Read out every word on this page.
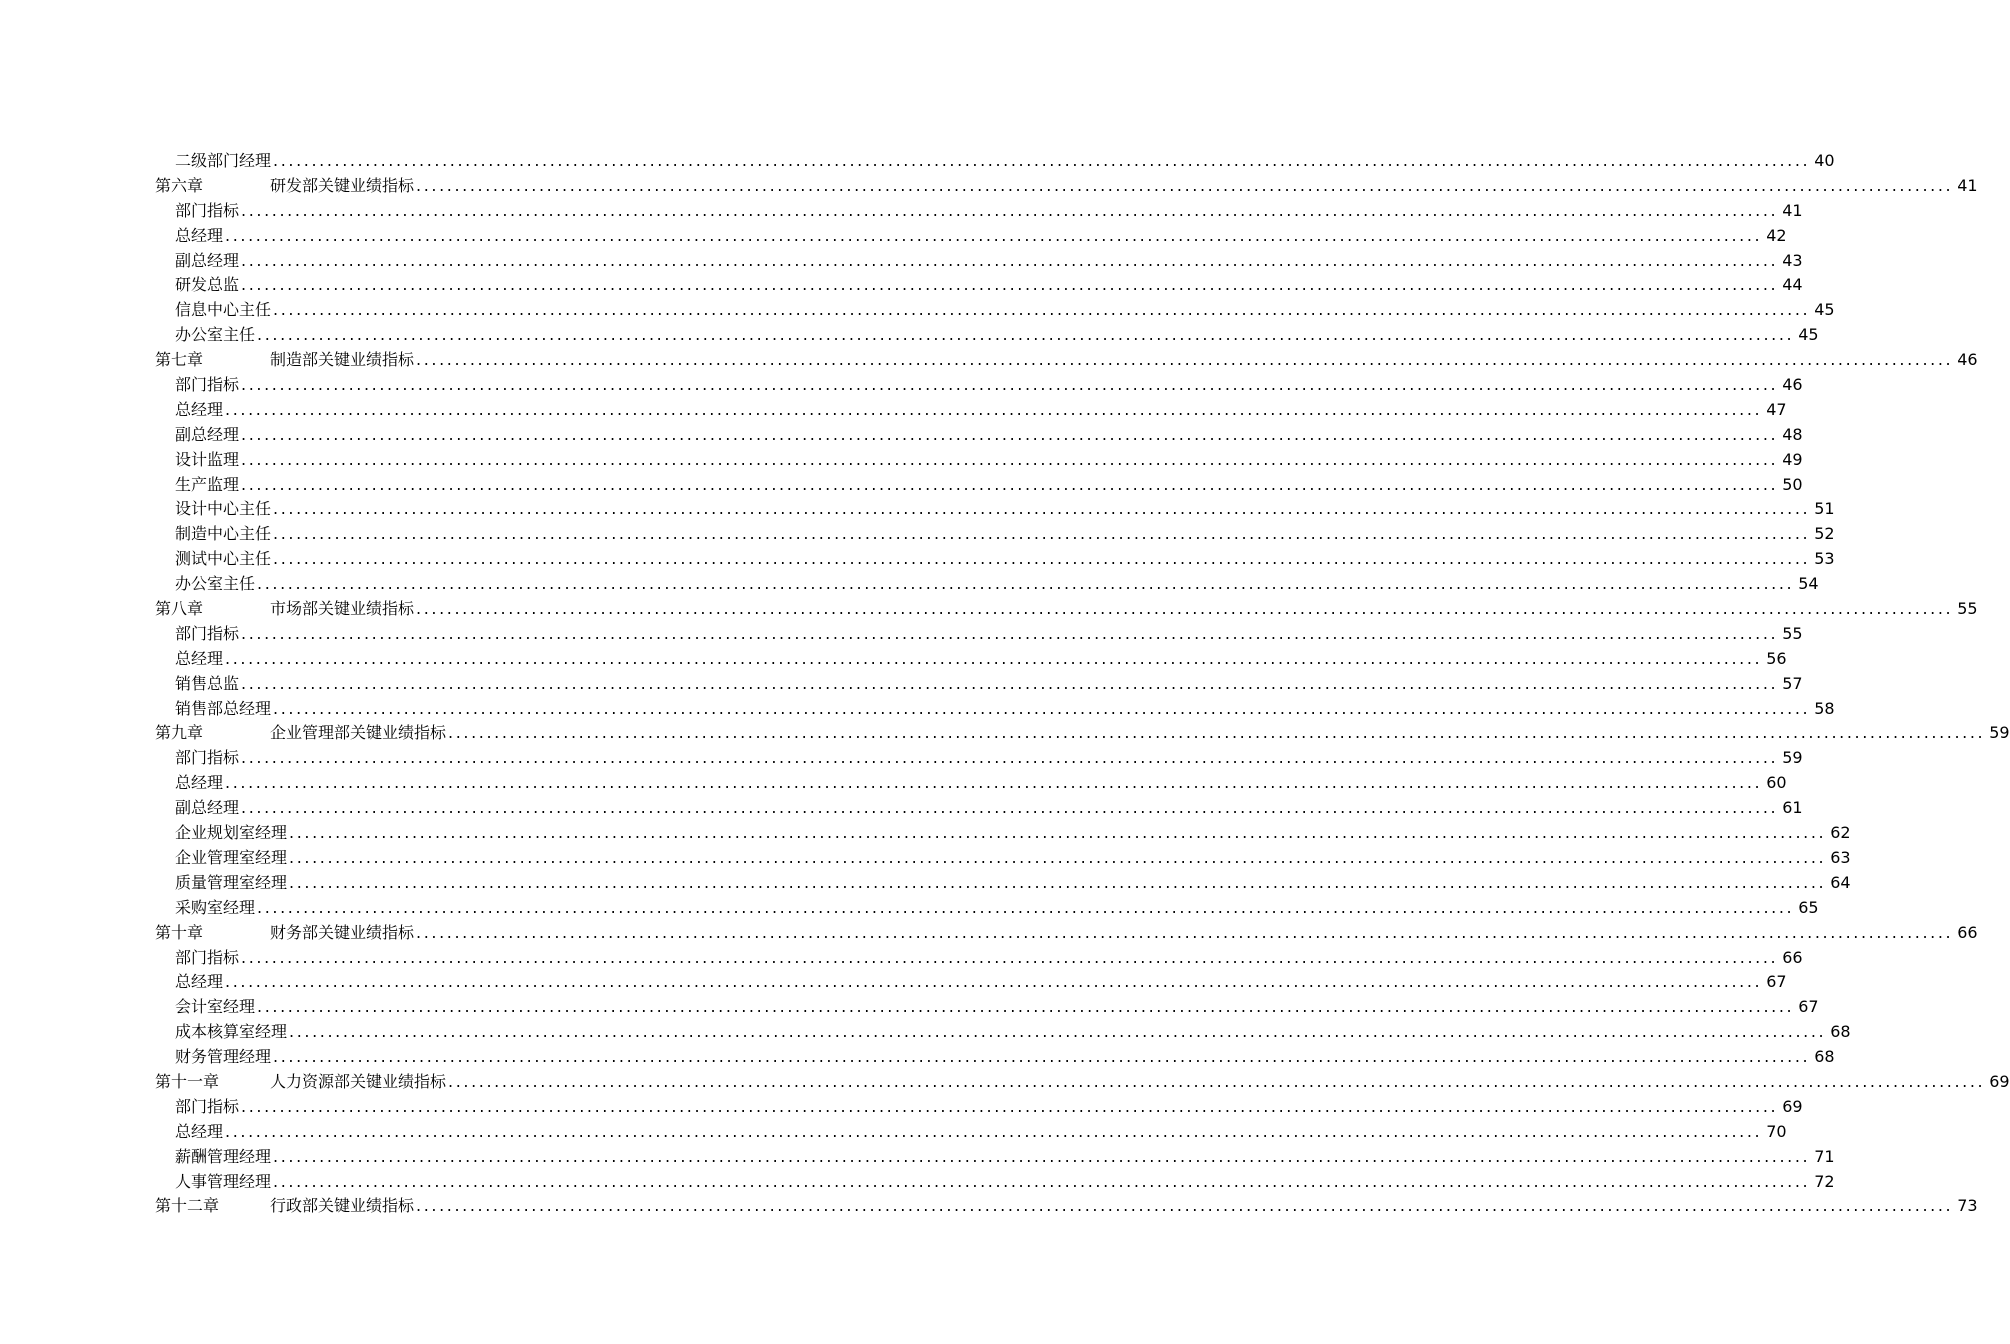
二级部门经理 ........................................................................................................................................................................................................ 40
第六章	研发部关键业绩指标 ........................................................................................................................................................................................................ 41
部门指标 ........................................................................................................................................................................................................ 41
总经理 ........................................................................................................................................................................................................ 42
副总经理 ........................................................................................................................................................................................................ 43
研发总监 ........................................................................................................................................................................................................ 44
信息中心主任 ........................................................................................................................................................................................................ 45
办公室主任 ........................................................................................................................................................................................................ 45
第七章	制造部关键业绩指标 ........................................................................................................................................................................................................ 46
部门指标 ........................................................................................................................................................................................................ 46
总经理 ........................................................................................................................................................................................................ 47
副总经理 ........................................................................................................................................................................................................ 48
设计监理 ........................................................................................................................................................................................................ 49
生产监理 ........................................................................................................................................................................................................ 50
设计中心主任 ........................................................................................................................................................................................................ 51
制造中心主任 ........................................................................................................................................................................................................ 52
测试中心主任 ........................................................................................................................................................................................................ 53
办公室主任 ........................................................................................................................................................................................................ 54
第八章	市场部关键业绩指标 ........................................................................................................................................................................................................ 55
部门指标 ........................................................................................................................................................................................................ 55
总经理 ........................................................................................................................................................................................................ 56
销售总监 ........................................................................................................................................................................................................ 57
销售部总经理 ........................................................................................................................................................................................................ 58
第九章	企业管理部关键业绩指标 ........................................................................................................................................................................................................ 59
部门指标 ........................................................................................................................................................................................................ 59
总经理 ........................................................................................................................................................................................................ 60
副总经理 ........................................................................................................................................................................................................ 61
企业规划室经理 ........................................................................................................................................................................................................ 62
企业管理室经理 ........................................................................................................................................................................................................ 63
质量管理室经理 ........................................................................................................................................................................................................ 64
采购室经理 ........................................................................................................................................................................................................ 65
第十章	财务部关键业绩指标 ........................................................................................................................................................................................................ 66
部门指标 ........................................................................................................................................................................................................ 66
总经理 ........................................................................................................................................................................................................ 67
会计室经理 ........................................................................................................................................................................................................ 67
成本核算室经理 ........................................................................................................................................................................................................ 68
财务管理经理 ........................................................................................................................................................................................................ 68
第十一章	人力资源部关键业绩指标 ........................................................................................................................................................................................................ 69
部门指标 ........................................................................................................................................................................................................ 69
总经理 ........................................................................................................................................................................................................ 70
薪酬管理经理 ........................................................................................................................................................................................................ 71
人事管理经理 ........................................................................................................................................................................................................ 72
第十二章	行政部关键业绩指标 ........................................................................................................................................................................................................ 73
